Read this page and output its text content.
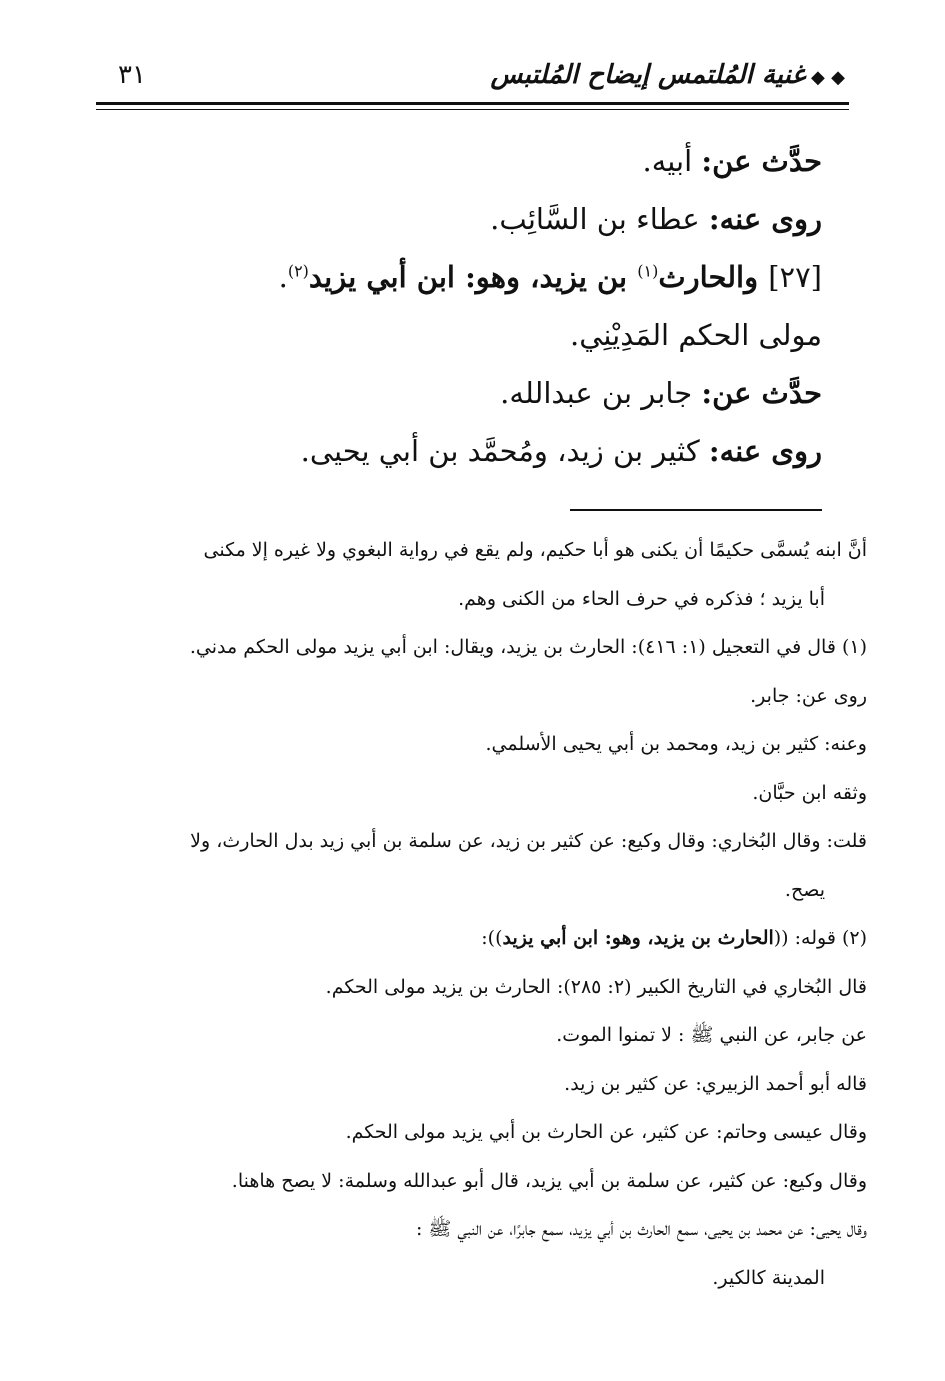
◆ ◆غنية المُلتمس إيضاح المُلتبس
٣١
حدَّث عن: أبيه.
روى عنه: عطاء بن السَّائِب.
[٢٧] والحارث$^{(١)}$ بن يزيد، وهو: ابن أبي يزيد$^{(٢)}$.
مولى الحكم المَدِيْنِي.
حدَّث عن: جابر بن عبدالله.
روى عنه: كثير بن زيد، ومُحمَّد بن أبي يحيى.
أنَّ ابنه يُسمَّى حكيمًا أن يكنى هو أبا حكيم، ولم يقع في رواية البغوي ولا غيره إلا مكنى
أبا يزيد ؛ فذكره في حرف الحاء من الكنى وهم.
(١) قال في التعجيل (١: ٤١٦): الحارث بن يزيد، ويقال: ابن أبي يزيد مولى الحكم مدني.
روى عن: جابر.
وعنه: كثير بن زيد، ومحمد بن أبي يحيى الأسلمي.
وثقه ابن حبَّان.
قلت: وقال البُخاري: وقال وكيع: عن كثير بن زيد، عن سلمة بن أبي زيد بدل الحارث، ولا
يصح.
(٢) قوله: ((الحارث بن يزيد، وهو: ابن أبي يزيد)):
قال البُخاري في التاريخ الكبير (٢: ٢٨٥): الحارث بن يزيد مولى الحكم.
عن جابر، عن النبي ﷺ : لا تمنوا الموت.
قاله أبو أحمد الزبيري: عن كثير بن زيد.
وقال عيسى وحاتم: عن كثير، عن الحارث بن أبي يزيد مولى الحكم.
وقال وكيع: عن كثير، عن سلمة بن أبي يزيد، قال أبو عبدالله وسلمة: لا يصح هاهنا.
وقال يحيى: عن محمد بن يحيى، سمع الحارث بن أبي يزيد، سمع جابرًا، عن النبي ﷺ :
المدينة كالكير.
